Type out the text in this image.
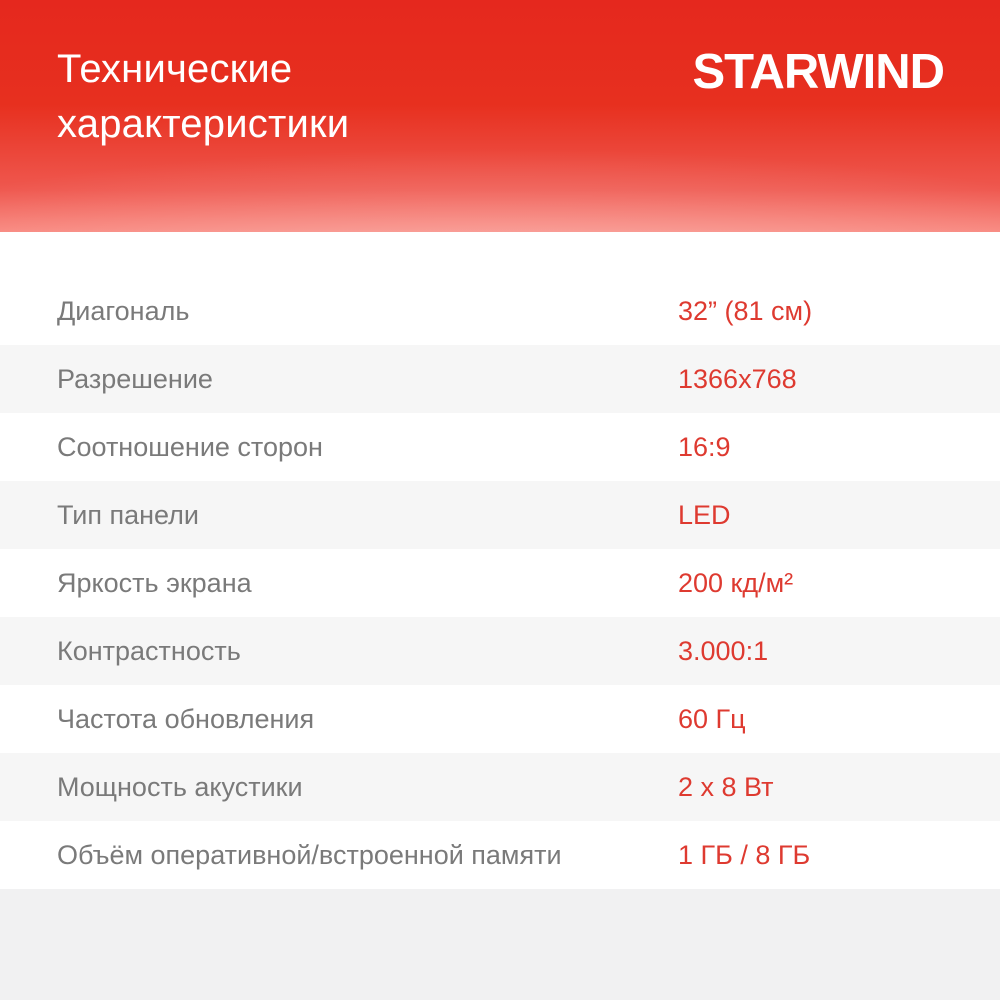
Технические характеристики
STARWIND
Диагональ	32” (81 см)
Разрешение	1366x768
Соотношение сторон	16:9
Тип панели	LED
Яркость экрана	200 кд/м²
Контрастность	3.000:1
Частота обновления	60 Гц
Мощность акустики	2 x 8 Вт
Объём оперативной/встроенной памяти	1 ГБ / 8 ГБ
